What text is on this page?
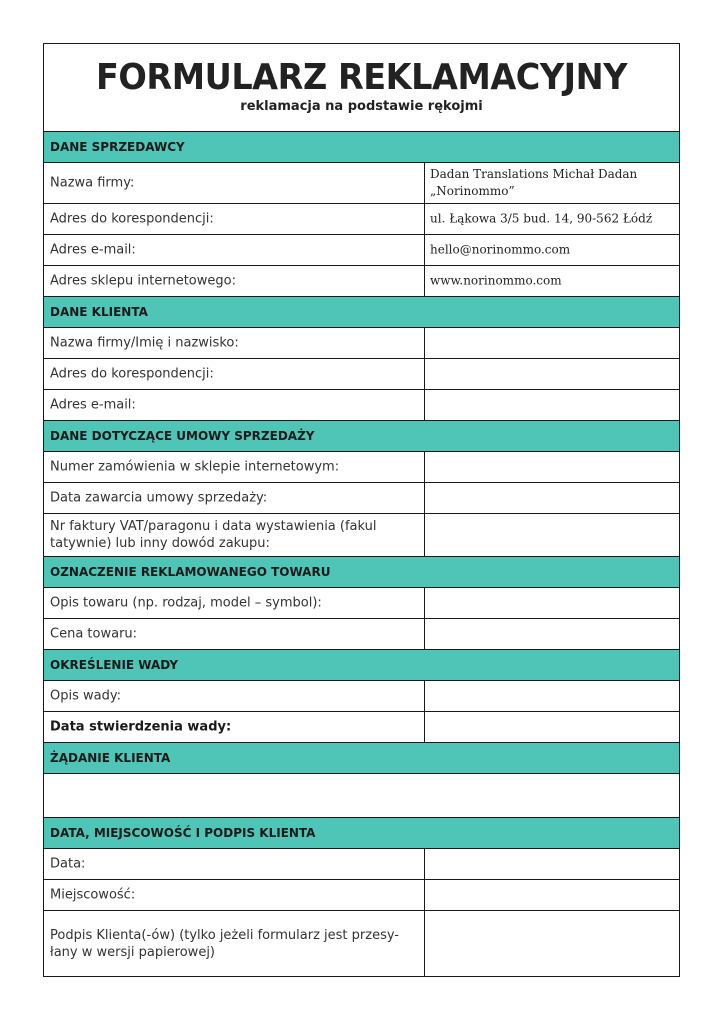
FORMULARZ REKLAMACYJNY
reklamacja na podstawie rękojmi
DANE SPRZEDAWCY
Nazwa firmy:
Dadan Translations Michał Dadan „Norinommo”
Adres do korespondencji:	ul. Łąkowa 3/5 bud. 14, 90-562 Łódź
Adres e-mail:	hello@norinommo.com
Adres sklepu internetowego:	www.norinommo.com
DANE KLIENTA
Nazwa firmy/Imię i nazwisko:
Adres do korespondencji:
Adres e-mail:
DANE DOTYCZĄCE UMOWY SPRZEDAŻY
Numer zamówienia w sklepie internetowym:
Data zawarcia umowy sprzedaży:
Nr faktury VAT/paragonu i data wystawienia (fakul tatywnie) lub inny dowód zakupu:
OZNACZENIE REKLAMOWANEGO TOWARU
Opis towaru (np. rodzaj, model – symbol):
Cena towaru:
OKREŚLENIE WADY
Opis wady:
Data stwierdzenia wady:
ŻĄDANIE KLIENTA
DATA, MIEJSCOWOŚĆ I PODPIS KLIENTA
Data:
Miejscowość:
Podpis Klienta(-ów) (tylko jeżeli formularz jest przesy-łany w wersji papierowej)
